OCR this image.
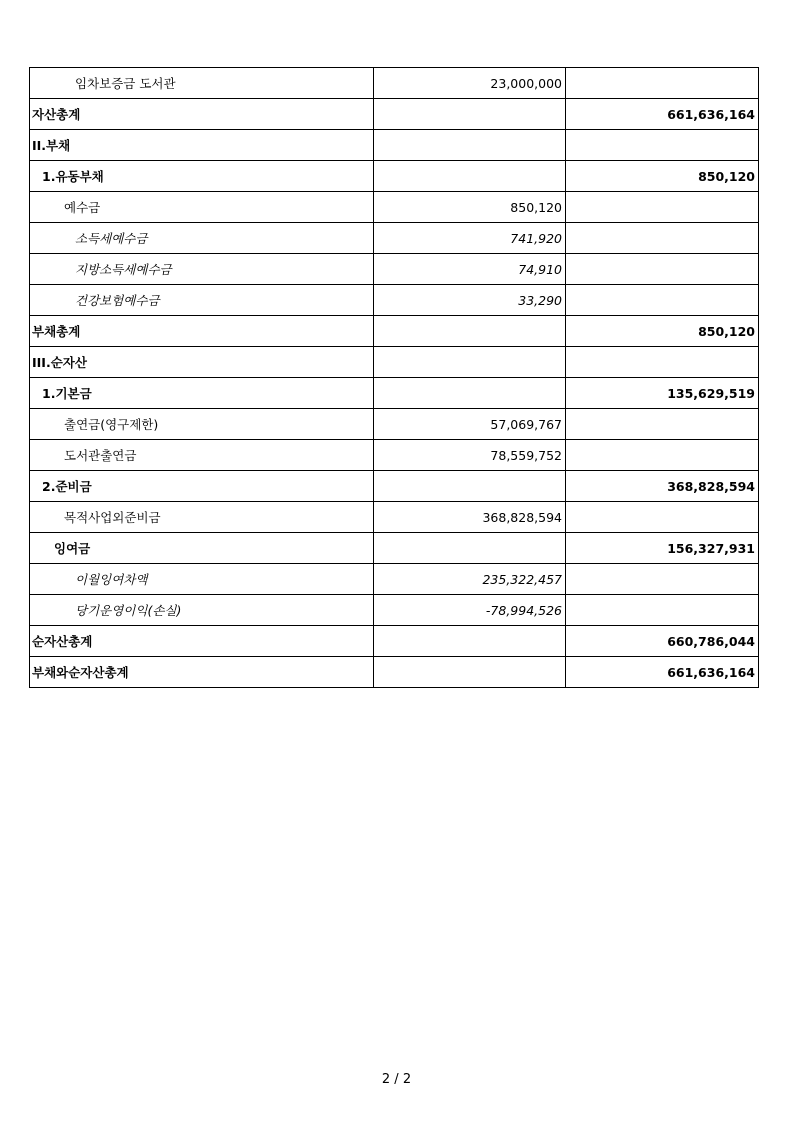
임차보증금 도서관	23,000,000	
자산총계		661,636,164
II.부채		
1.유동부채		850,120
예수금	850,120	
소득세예수금	741,920	
지방소득세예수금	74,910	
건강보험예수금	33,290	
부채총계		850,120
III.순자산		
1.기본금		135,629,519
출연금(영구제한)	57,069,767	
도서관출연금	78,559,752	
2.준비금		368,828,594
목적사업외준비금	368,828,594	
잉여금		156,327,931
이월잉여차액	235,322,457	
당기운영이익(손실)	-78,994,526	
순자산총계		660,786,044
부채와순자산총계		661,636,164
2 / 2
